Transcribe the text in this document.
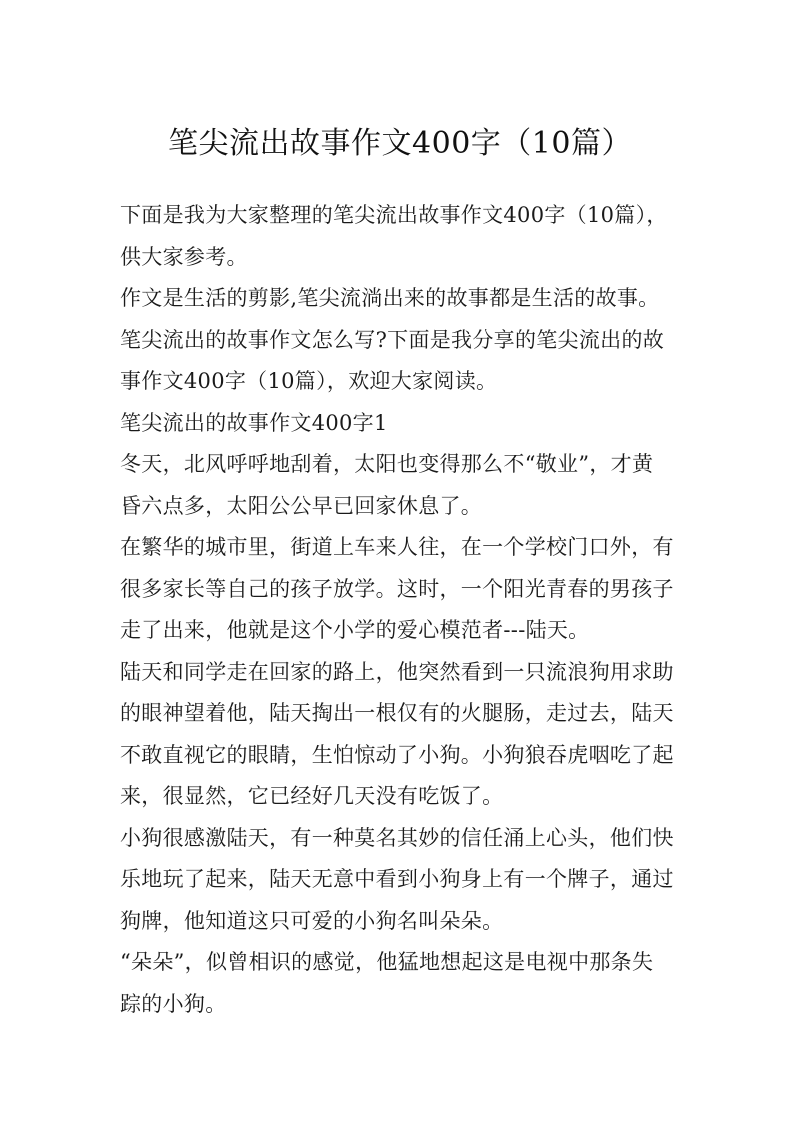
笔尖流出故事作文400字（10篇）

下面是我为大家整理的笔尖流出故事作文400字（10篇），
供大家参考。

作文是生活的剪影,笔尖流淌出来的故事都是生活的故事。

笔尖流出的故事作文怎么写?下面是我分享的笔尖流出的故
事作文400字（10篇），欢迎大家阅读。

笔尖流出的故事作文400字1

冬天，北风呼呼地刮着，太阳也变得那么不“敬业”，才黄
昏六点多，太阳公公早已回家休息了。

在繁华的城市里，街道上车来人往，在一个学校门口外，有
很多家长等自己的孩子放学。这时，一个阳光青春的男孩子
走了出来，他就是这个小学的爱心模范者---陆天。

陆天和同学走在回家的路上，他突然看到一只流浪狗用求助
的眼神望着他，陆天掏出一根仅有的火腿肠，走过去，陆天
不敢直视它的眼睛，生怕惊动了小狗。小狗狼吞虎咽吃了起
来，很显然，它已经好几天没有吃饭了。

小狗很感激陆天，有一种莫名其妙的信任涌上心头，他们快
乐地玩了起来，陆天无意中看到小狗身上有一个牌子，通过
狗牌，他知道这只可爱的小狗名叫朵朵。

“朵朵”，似曾相识的感觉，他猛地想起这是电视中那条失
踪的小狗。
